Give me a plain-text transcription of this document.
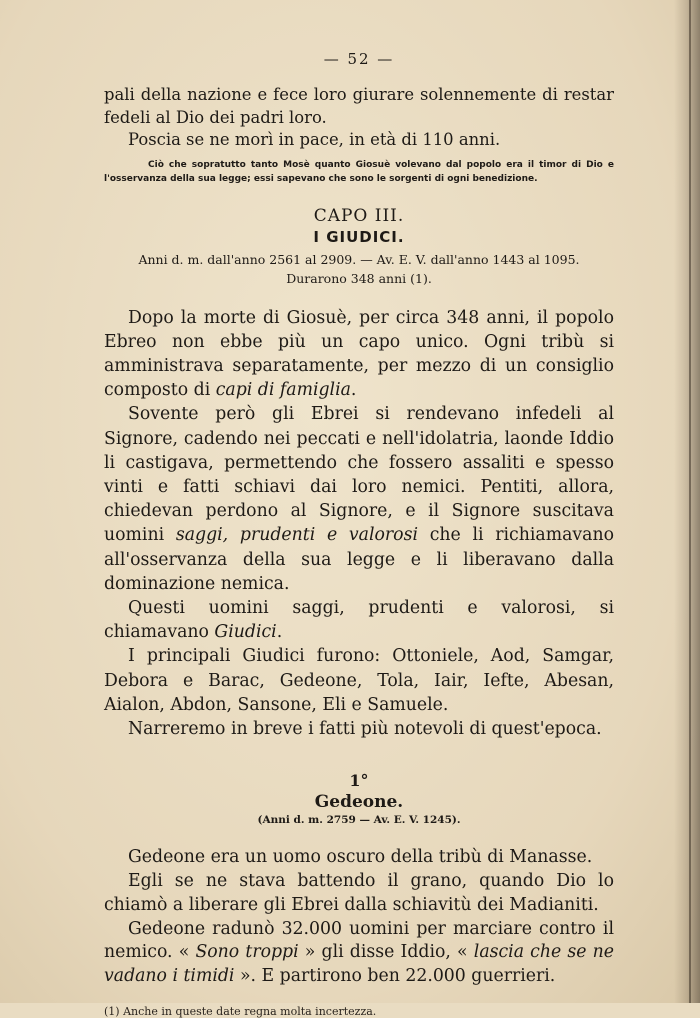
— 52 —

pali della nazione e fece loro giurare solennemente di restar fedeli al Dio dei padri loro.

Poscia se ne morì in pace, in età di 110 anni.

Ciò che sopratutto tanto Mosè quanto Giosuè volevano dal popolo era il timor di Dio e l'osservanza della sua legge; essi sapevano che sono le sorgenti di ogni benedizione.

CAPO III.
I GIUDICI.
Anni d. m. dall'anno 2561 al 2909. — Av. E. V. dall'anno 1443 al 1095.
Durarono 348 anni (1).

Dopo la morte di Giosuè, per circa 348 anni, il popolo Ebreo non ebbe più un capo unico. Ogni tribù si amministrava separatamente, per mezzo di un consiglio composto di capi di famiglia.

Sovente però gli Ebrei si rendevano infedeli al Signore, cadendo nei peccati e nell'idolatria, laonde Iddio li castigava, permettendo che fossero assaliti e spesso vinti e fatti schiavi dai loro nemici. Pentiti, allora, chiedevan perdono al Signore, e il Signore suscitava uomini saggi, prudenti e valorosi che li richiamavano all'osservanza della sua legge e li liberavano dalla dominazione nemica.

Questi uomini saggi, prudenti e valorosi, si chiamavano Giudici.

I principali Giudici furono: Ottoniele, Aod, Samgar, Debora e Barac, Gedeone, Tola, Iair, Iefte, Abesan, Aialon, Abdon, Sansone, Eli e Samuele.

Narreremo in breve i fatti più notevoli di quest'epoca.

1°
Gedeone.
(Anni d. m. 2759 — Av. E. V. 1245).

Gedeone era un uomo oscuro della tribù di Manasse.

Egli se ne stava battendo il grano, quando Dio lo chiamò a liberare gli Ebrei dalla schiavitù dei Madianiti.

Gedeone radunò 32.000 uomini per marciare contro il nemico. « Sono troppi » gli disse Iddio, « lascia che se ne vadano i timidi ». E partirono ben 22.000 guerrieri.

(1) Anche in queste date regna molta incertezza.
